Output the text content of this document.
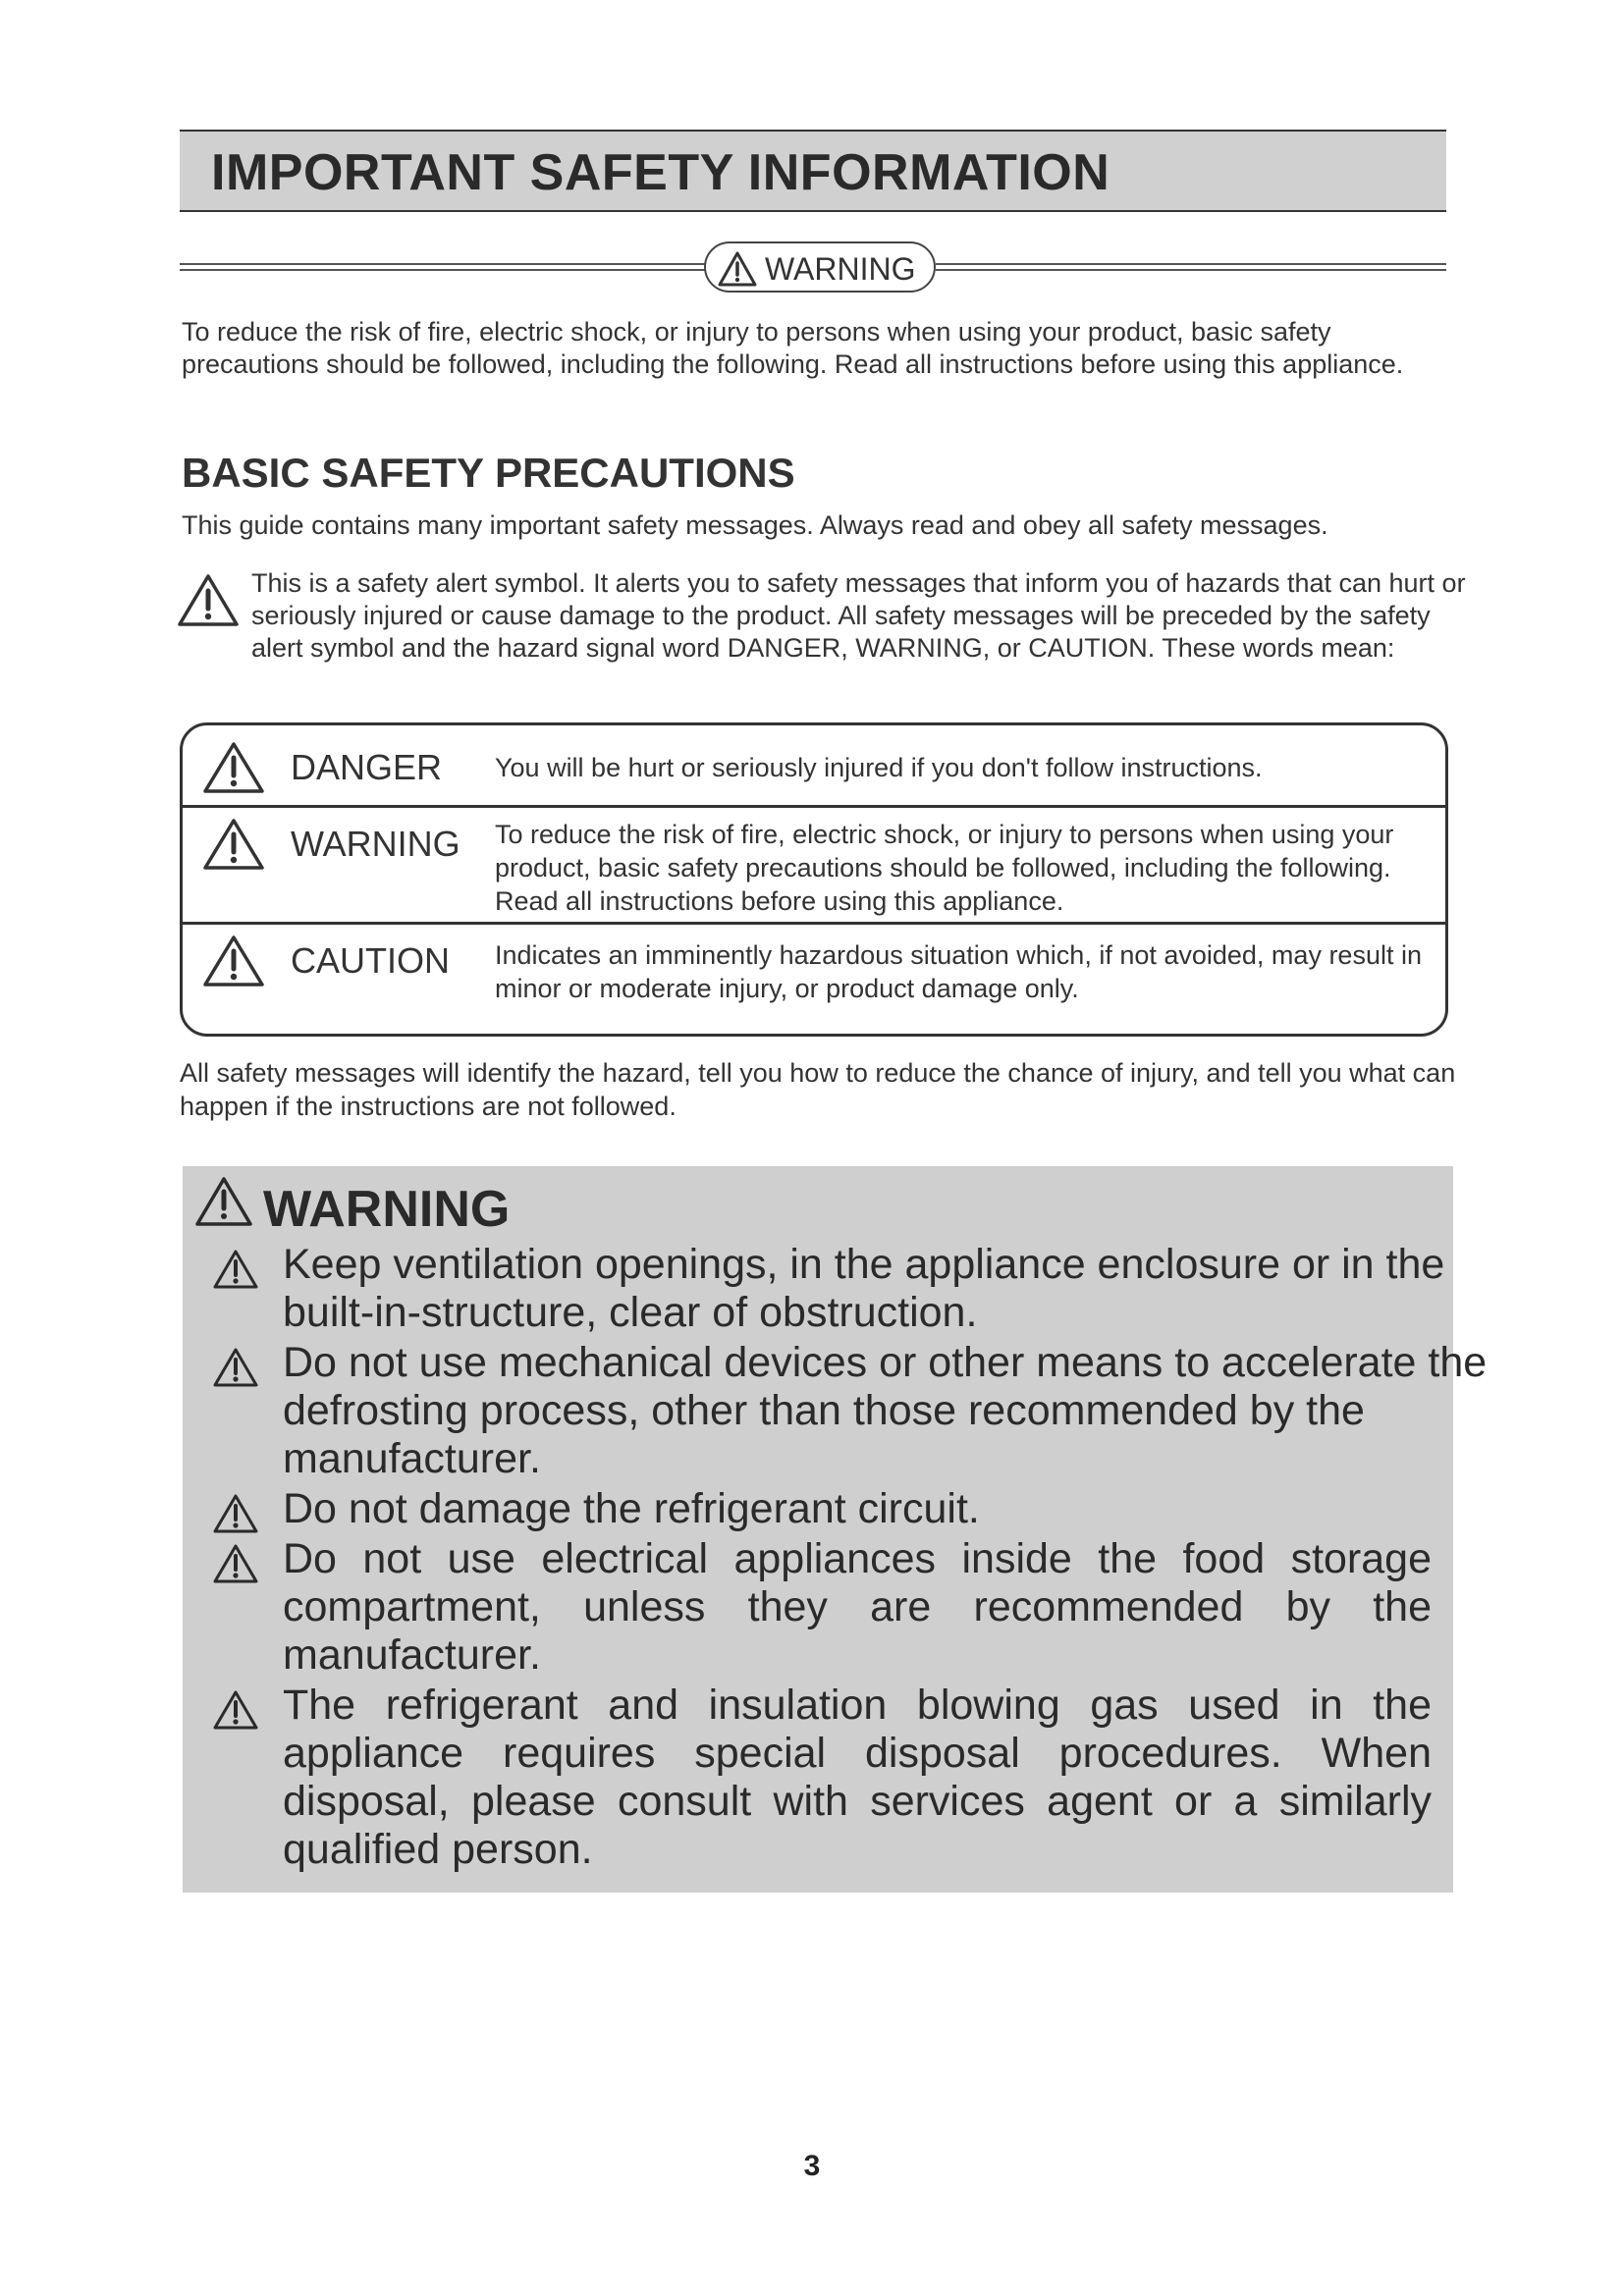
IMPORTANT SAFETY INFORMATION
WARNING

To reduce the risk of fire, electric shock, or injury to persons when using your product, basic safety precautions should be followed, including the following. Read all instructions before using this appliance.

BASIC SAFETY PRECAUTIONS

This guide contains many important safety messages. Always read and obey all safety messages.

This is a safety alert symbol. It alerts you to safety messages that inform you of hazards that can hurt or seriously injured or cause damage to the product. All safety messages will be preceded by the safety alert symbol and the hazard signal word DANGER, WARNING, or CAUTION. These words mean:

DANGER You will be hurt or seriously injured if you don't follow instructions.

WARNING To reduce the risk of fire, electric shock, or injury to persons when using your product, basic safety precautions should be followed, including the following. Read all instructions before using this appliance.

CAUTION Indicates an imminently hazardous situation which, if not avoided, may result in minor or moderate injury, or product damage only.

All safety messages will identify the hazard, tell you how to reduce the chance of injury, and tell you what can happen if the instructions are not followed.

WARNING

Keep ventilation openings, in the appliance enclosure or in the built-in-structure, clear of obstruction.

Do not use mechanical devices or other means to accelerate the defrosting process, other than those recommended by the manufacturer.

Do not damage the refrigerant circuit.

Do not use electrical appliances inside the food storage compartment, unless they are recommended by the manufacturer.

The refrigerant and insulation blowing gas used in the appliance requires special disposal procedures. When disposal, please consult with services agent or a similarly qualified person.

3
